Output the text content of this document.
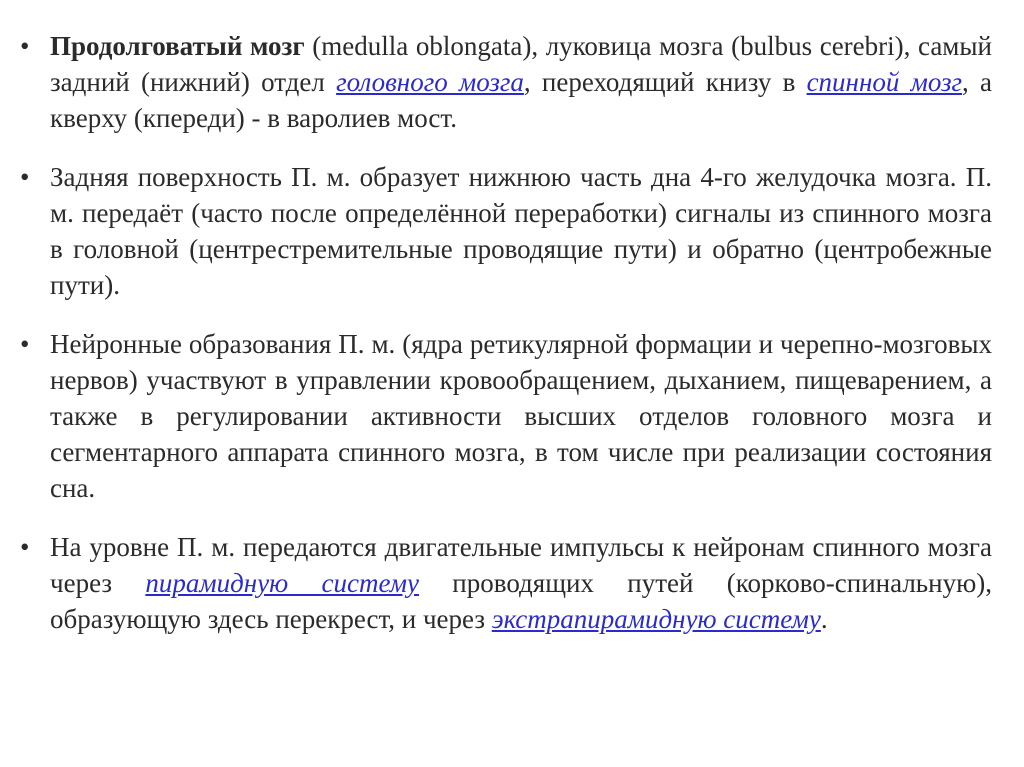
• Продолговатый мозг (medulla oblongata), луковица мозга (bulbus cerebri), самый задний (нижний) отдел головного мозга, переходящий книзу в спинной мозг, а кверху (кпереди) - в варолиев мост.
• Задняя поверхность П. м. образует нижнюю часть дна 4-го желудочка мозга. П. м. передаёт (часто после определённой переработки) сигналы из спинного мозга в головной (центрестремительные проводящие пути) и обратно (центробежные пути).
• Нейронные образования П. м. (ядра ретикулярной формации и черепно-мозговых нервов) участвуют в управлении кровообращением, дыханием, пищеварением, а также в регулировании активности высших отделов головного мозга и сегментарного аппарата спинного мозга, в том числе при реализации состояния сна.
• На уровне П. м. передаются двигательные импульсы к нейронам спинного мозга через пирамидную систему проводящих путей (корково-спинальную), образующую здесь перекрест, и через экстрапирамидную систему.
